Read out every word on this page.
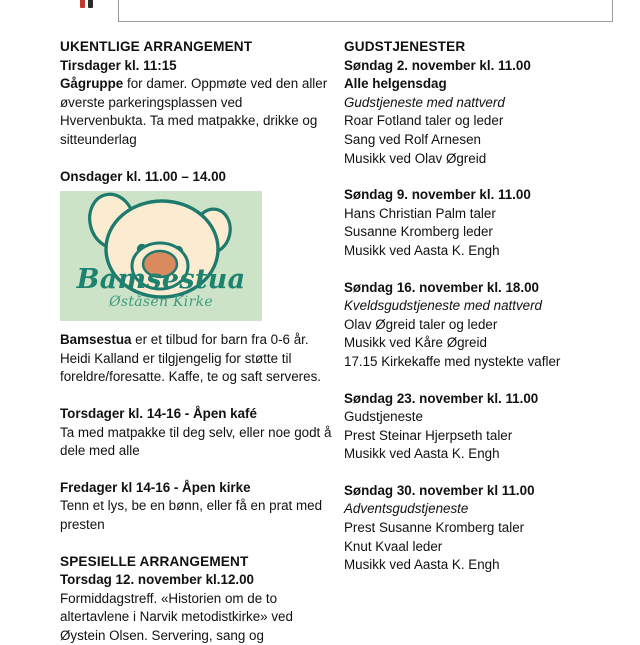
UKENTLIGE ARRANGEMENT

Tirsdager kl. 11:15

Gågruppe for damer. Oppmøte ved den aller øverste parkeringsplassen ved Hvervenbukta. Ta med matpakke, drikke og sitteunderlag

Onsdager kl. 11.00 – 14.00

Bamsestua
Øståsen Kirke

Bamsestua er et tilbud for barn fra 0-6 år. Heidi Kalland er tilgjengelig for støtte til foreldre/foresatte. Kaffe, te og saft serveres.

Torsdager kl. 14-16 - Åpen kafé

Ta med matpakke til deg selv, eller noe godt å dele med alle

Fredager kl 14-16 - Åpen kirke

Tenn et lys, be en bønn, eller få en prat med presten

SPESIELLE ARRANGEMENT

Torsdag 12. november kl.12.00

Formiddagstreff. «Historien om de to altertavlene i Narvik metodistkirke» ved Øystein Olsen. Servering, sang og

GUDSTJENESTER

Søndag 2. november kl. 11.00

Alle helgensdag

Gudstjeneste med nattverd

Roar Fotland taler og leder

Sang ved Rolf Arnesen

Musikk ved Olav Øgreid

Søndag 9. november kl. 11.00

Hans Christian Palm taler

Susanne Kromberg leder

Musikk ved Aasta K. Engh

Søndag 16. november kl. 18.00

Kveldsgudstjeneste med nattverd

Olav Øgreid taler og leder

Musikk ved Kåre Øgreid

17.15 Kirkekaffe med nystekte vafler

Søndag 23. november kl. 11.00

Gudstjeneste

Prest Steinar Hjerpseth taler

Musikk ved Aasta K. Engh

Søndag 30. november kl 11.00

Adventsgudstjeneste

Prest Susanne Kromberg taler

Knut Kvaal leder

Musikk ved Aasta K. Engh
